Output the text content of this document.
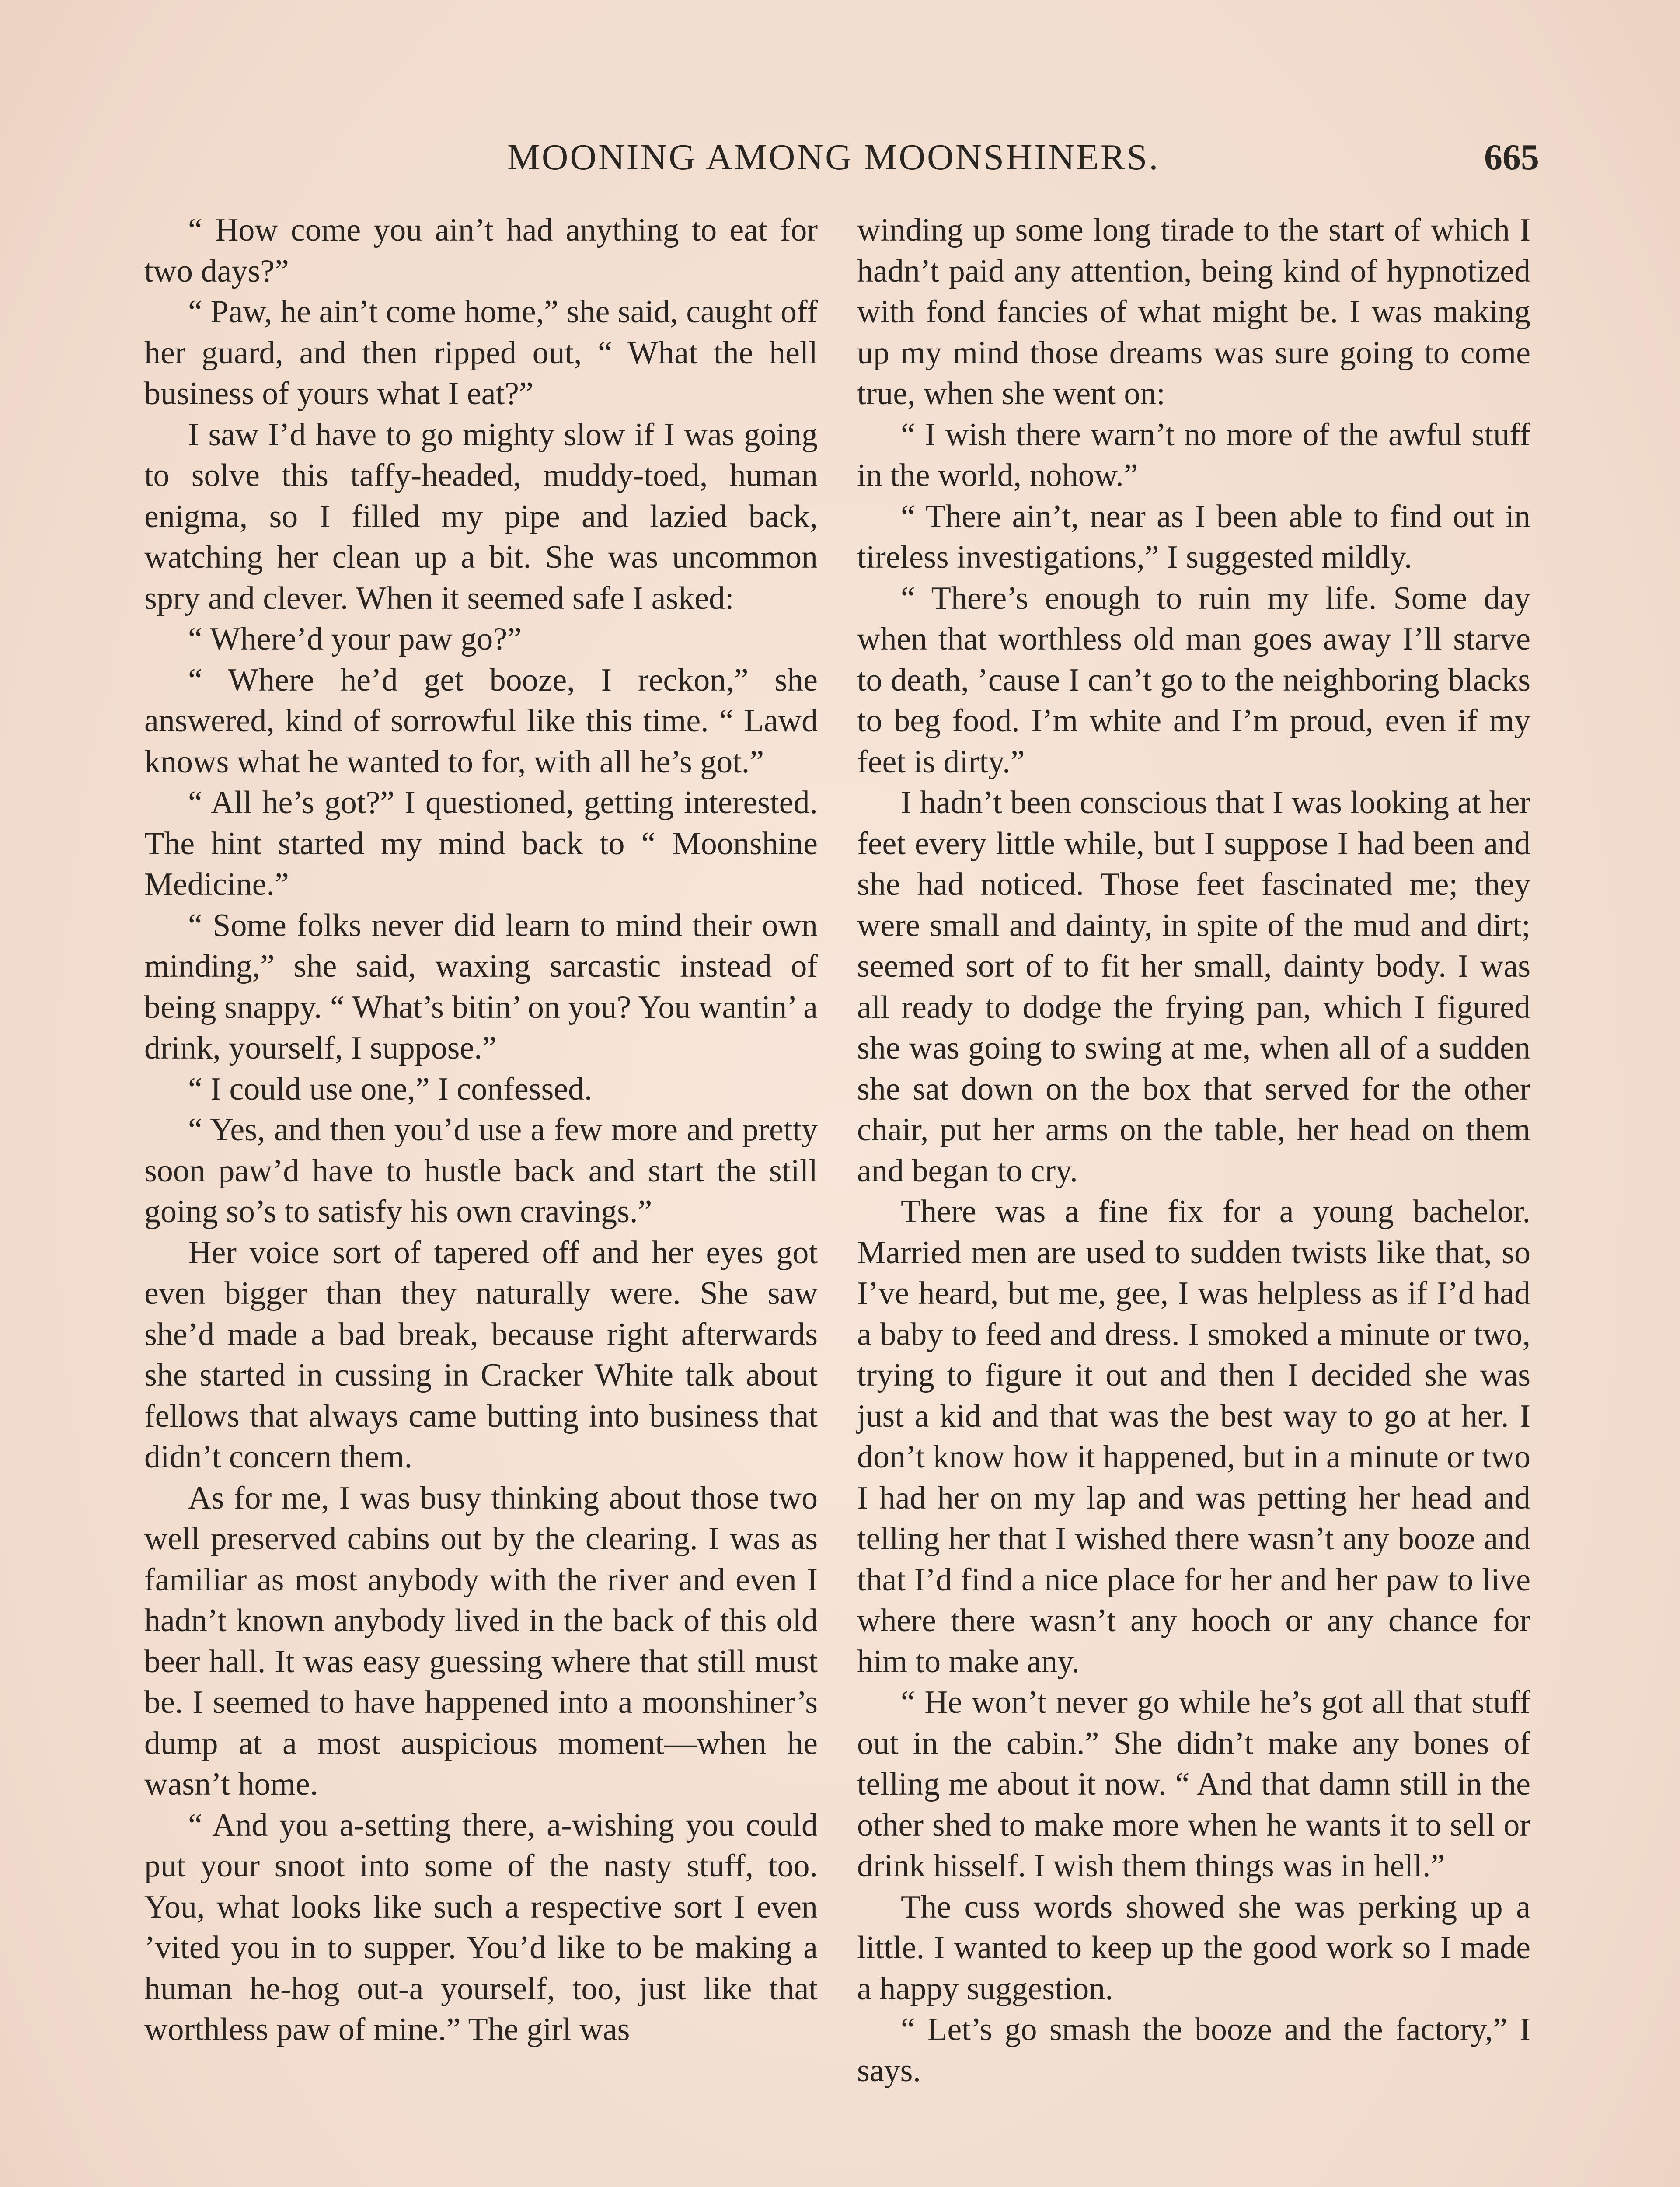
MOONING AMONG MOONSHINERS.	665

“ How come you ain’t had anything to eat for two days?”

“ Paw, he ain’t come home,” she said, caught off her guard, and then ripped out, “ What the hell business of yours what I eat?”

I saw I’d have to go mighty slow if I was going to solve this taffy-headed, muddy-toed, human enigma, so I filled my pipe and lazied back, watching her clean up a bit. She was uncommon spry and clever. When it seemed safe I asked:

“ Where’d your paw go?”

“ Where he’d get booze, I reckon,” she answered, kind of sorrowful like this time. “ Lawd knows what he wanted to for, with all he’s got.”

“ All he’s got?” I questioned, getting interested. The hint started my mind back to “ Moonshine Medicine.”

“ Some folks never did learn to mind their own minding,” she said, waxing sarcastic instead of being snappy. “ What’s bitin’ on you? You wantin’ a drink, yourself, I suppose.”

“ I could use one,” I confessed.

“ Yes, and then you’d use a few more and pretty soon paw’d have to hustle back and start the still going so’s to satisfy his own cravings.”

Her voice sort of tapered off and her eyes got even bigger than they naturally were. She saw she’d made a bad break, because right afterwards she started in cussing in Cracker White talk about fellows that always came butting into business that didn’t concern them.

As for me, I was busy thinking about those two well preserved cabins out by the clearing. I was as familiar as most anybody with the river and even I hadn’t known anybody lived in the back of this old beer hall. It was easy guessing where that still must be. I seemed to have happened into a moonshiner’s dump at a most auspicious moment—when he wasn’t home.

“ And you a-setting there, a-wishing you could put your snoot into some of the nasty stuff, too. You, what looks like such a respective sort I even ’vited you in to supper. You’d like to be making a human he-hog out-a yourself, too, just like that worthless paw of mine.” The girl was

winding up some long tirade to the start of which I hadn’t paid any attention, being kind of hypnotized with fond fancies of what might be. I was making up my mind those dreams was sure going to come true, when she went on:

“ I wish there warn’t no more of the awful stuff in the world, nohow.”

“ There ain’t, near as I been able to find out in tireless investigations,” I suggested mildly.

“ There’s enough to ruin my life. Some day when that worthless old man goes away I’ll starve to death, ’cause I can’t go to the neighboring blacks to beg food. I’m white and I’m proud, even if my feet is dirty.”

I hadn’t been conscious that I was looking at her feet every little while, but I suppose I had been and she had noticed. Those feet fascinated me; they were small and dainty, in spite of the mud and dirt; seemed sort of to fit her small, dainty body. I was all ready to dodge the frying pan, which I figured she was going to swing at me, when all of a sudden she sat down on the box that served for the other chair, put her arms on the table, her head on them and began to cry.

There was a fine fix for a young bachelor. Married men are used to sudden twists like that, so I’ve heard, but me, gee, I was helpless as if I’d had a baby to feed and dress. I smoked a minute or two, trying to figure it out and then I decided she was just a kid and that was the best way to go at her. I don’t know how it happened, but in a minute or two I had her on my lap and was petting her head and telling her that I wished there wasn’t any booze and that I’d find a nice place for her and her paw to live where there wasn’t any hooch or any chance for him to make any.

“ He won’t never go while he’s got all that stuff out in the cabin.” She didn’t make any bones of telling me about it now. “ And that damn still in the other shed to make more when he wants it to sell or drink hisself. I wish them things was in hell.”

The cuss words showed she was perking up a little. I wanted to keep up the good work so I made a happy suggestion.

“ Let’s go smash the booze and the factory,” I says.
